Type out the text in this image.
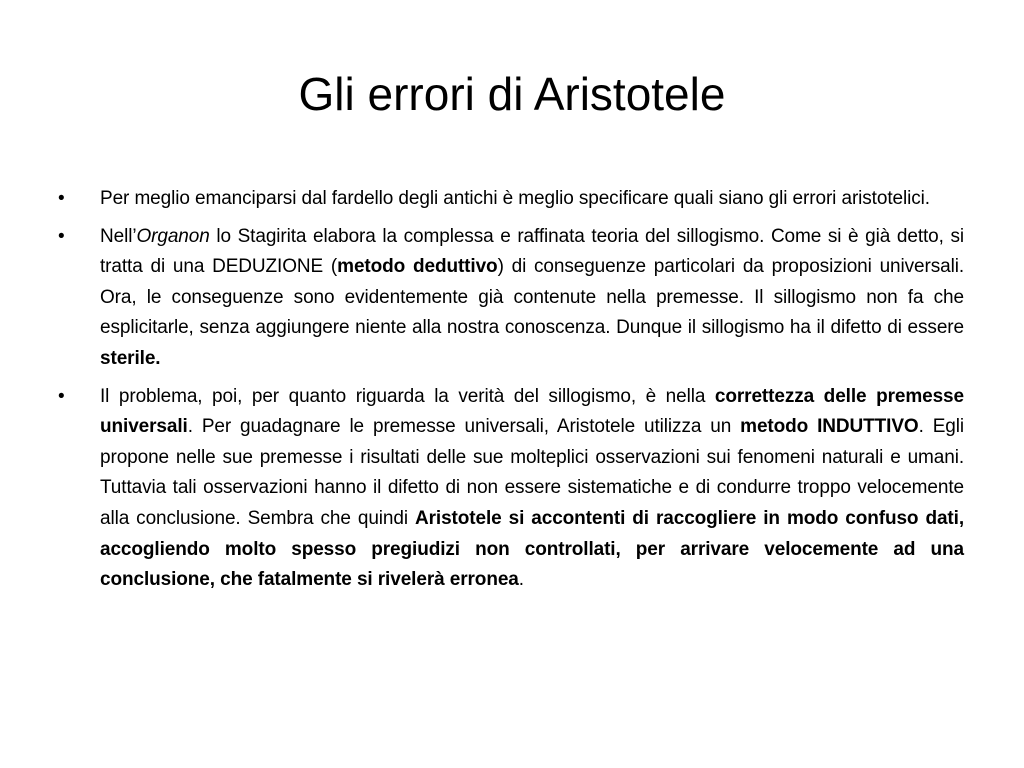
Gli errori di Aristotele
•	Per meglio emanciparsi dal fardello degli antichi è meglio specificare quali siano gli errori aristotelici.
•	Nell’Organon lo Stagirita elabora la complessa e raffinata teoria del sillogismo. Come si è già detto, si tratta di una DEDUZIONE (metodo deduttivo) di conseguenze particolari da proposizioni universali. Ora, le conseguenze sono evidentemente già contenute nella premesse. Il sillogismo non fa che esplicitarle, senza aggiungere niente alla nostra conoscenza. Dunque il sillogismo ha il difetto di essere sterile.
•	Il problema, poi, per quanto riguarda la verità del sillogismo, è nella correttezza delle premesse universali. Per guadagnare le premesse universali, Aristotele utilizza un metodo INDUTTIVO. Egli propone nelle sue premesse i risultati delle sue molteplici osservazioni sui fenomeni naturali e umani. Tuttavia tali osservazioni hanno il difetto di non essere sistematiche e di condurre troppo velocemente alla conclusione. Sembra che quindi Aristotele si accontenti di raccogliere in modo confuso dati, accogliendo molto spesso pregiudizi non controllati, per arrivare velocemente ad una conclusione, che fatalmente si rivelerà erronea.
